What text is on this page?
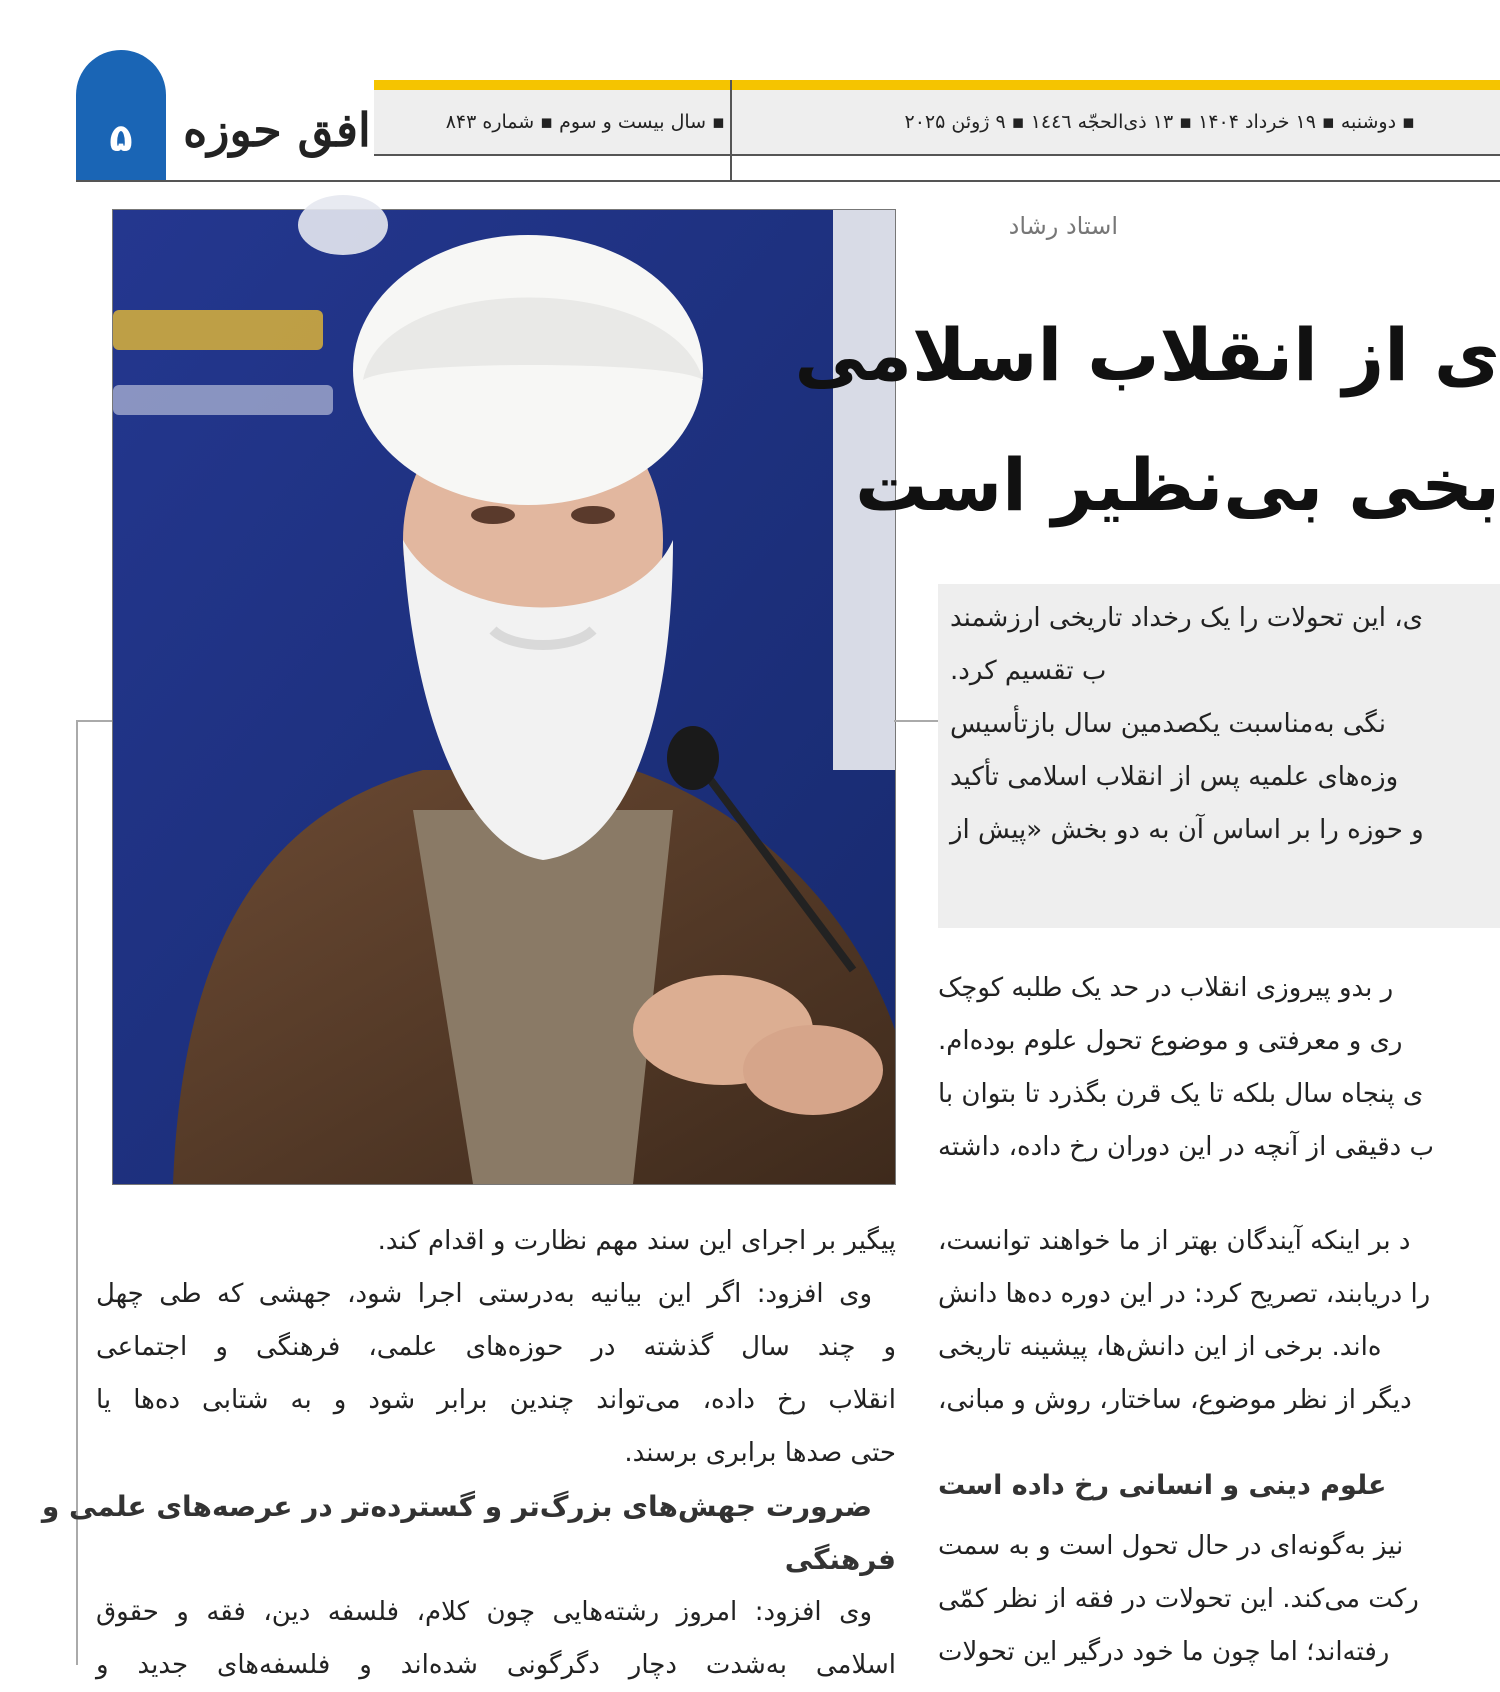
۵	افق حوزه	▪ سال بیست و سوم ▪ شماره ۸۴۳	▪ دوشنبه ▪ ۱۹ خرداد ۱۴۰۴ ▪ ۱۳ ذی‌الحجّه ۱٤٤٦ ▪ ۹ ژوئن ۲۰۲۵
استاد رشاد
ی از انقلاب اسلامی
بخی بی‌نظیر است
ی، این تحولات را یک رخداد تاریخی ارزشمند
ب تقسیم کرد.
نگی به‌مناسبت یکصدمین سال بازتأسیس
وزه‌های علمیه پس از انقلاب اسلامی تأکید
و حوزه را بر اساس آن به دو بخش «پیش از
ر بدو پیروزی انقلاب در حد یک طلبه کوچک
ری و معرفتی و موضوع تحول علوم بوده‌ام.
ی پنجاه سال بلکه تا یک قرن بگذرد تا بتوان با
ب دقیقی از آنچه در این دوران رخ داده، داشته
د بر اینکه آیندگان بهتر از ما خواهند توانست،
را دریابند، تصریح کرد: در این دوره ده‌ها دانش
ه‌اند. برخی از این دانش‌ها، پیشینه تاریخی
دیگر از نظر موضوع، ساختار، روش و مبانی،
علوم دینی و انسانی رخ داده است
نیز به‌گونه‌ای در حال تحول است و به سمت
رکت می‌کند. این تحولات در فقه از نظر کمّی
رفته‌اند؛ اما چون ما خود درگیر این تحولات
پیگیر بر اجرای این سند مهم نظارت و اقدام کند.
وی افزود: اگر این بیانیه به‌درستی اجرا شود، جهشی که طی چهل
و چند سال گذشته در حوزه‌های علمی، فرهنگی و اجتماعی
انقلاب رخ داده، می‌تواند چندین برابر شود و به شتابی ده‌ها یا
حتی صدها برابری برسند.
ضرورت جهش‌های بزرگ‌تر و گسترده‌تر در عرصه‌های علمی و
فرهنگی
وی افزود: امروز رشته‌هایی چون کلام، فلسفه دین، فقه و حقوق
اسلامی به‌شدت دچار دگرگونی شده‌اند و فلسفه‌های جدید و
